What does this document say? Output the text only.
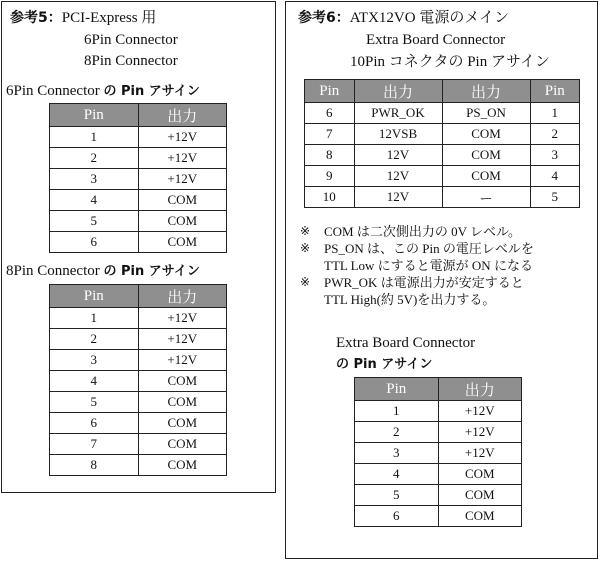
参考5：PCI-Express 用
6Pin Connector
8Pin Connector
6Pin Connector の Pin アサイン
Pin	出力
1	+12V
2	+12V
3	+12V
4	COM
5	COM
6	COM
8Pin Connector の Pin アサイン
Pin	出力
1	+12V
2	+12V
3	+12V
4	COM
5	COM
6	COM
7	COM
8	COM
参考6：ATX12VO 電源のメイン
Extra Board Connector
10Pin コネクタの Pin アサイン
Pin	出力	出力	Pin
6	PWR_OK	PS_ON	1
7	12VSB	COM	2
8	12V	COM	3
9	12V	COM	4
10	12V	ー	5
※	COM は二次側出力の 0V レベル。
※	PS_ON は、この Pin の電圧レベルを
TTL Low にすると電源が ON になる
※	PWR_OK は電源出力が安定すると
TTL High(約 5V)を出力する。
Extra Board Connector
の Pin アサイン
Pin	出力
1	+12V
2	+12V
3	+12V
4	COM
5	COM
6	COM
